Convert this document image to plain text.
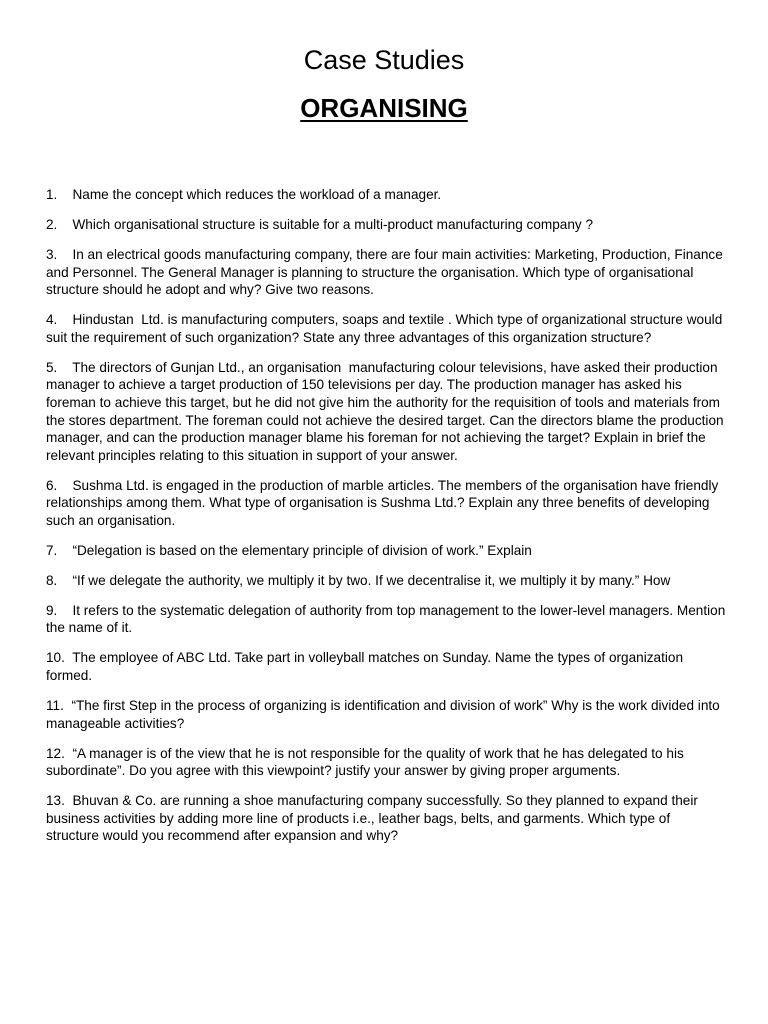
Case Studies
ORGANISING
1.    Name the concept which reduces the workload of a manager.
2.    Which organisational structure is suitable for a multi-product manufacturing company ?
3.    In an electrical goods manufacturing company, there are four main activities: Marketing, Production, Finance and Personnel. The General Manager is planning to structure the organisation. Which type of organisational structure should he adopt and why? Give two reasons.
4.    Hindustan  Ltd. is manufacturing computers, soaps and textile . Which type of organizational structure would suit the requirement of such organization? State any three advantages of this organization structure?
5.    The directors of Gunjan Ltd., an organisation  manufacturing colour televisions, have asked their production manager to achieve a target production of 150 televisions per day. The production manager has asked his foreman to achieve this target, but he did not give him the authority for the requisition of tools and materials from the stores department. The foreman could not achieve the desired target. Can the directors blame the production manager, and can the production manager blame his foreman for not achieving the target? Explain in brief the relevant principles relating to this situation in support of your answer.
6.    Sushma Ltd. is engaged in the production of marble articles. The members of the organisation have friendly relationships among them. What type of organisation is Sushma Ltd.? Explain any three benefits of developing such an organisation.
7.    “Delegation is based on the elementary principle of division of work.” Explain
8.    “If we delegate the authority, we multiply it by two. If we decentralise it, we multiply it by many.” How
9.    It refers to the systematic delegation of authority from top management to the lower-level managers. Mention the name of it.
10.  The employee of ABC Ltd. Take part in volleyball matches on Sunday. Name the types of organization formed.
11.  “The first Step in the process of organizing is identification and division of work” Why is the work divided into manageable activities?
12.  “A manager is of the view that he is not responsible for the quality of work that he has delegated to his subordinate”. Do you agree with this viewpoint? justify your answer by giving proper arguments.
13.  Bhuvan & Co. are running a shoe manufacturing company successfully. So they planned to expand their business activities by adding more line of products i.e., leather bags, belts, and garments. Which type of structure would you recommend after expansion and why?
